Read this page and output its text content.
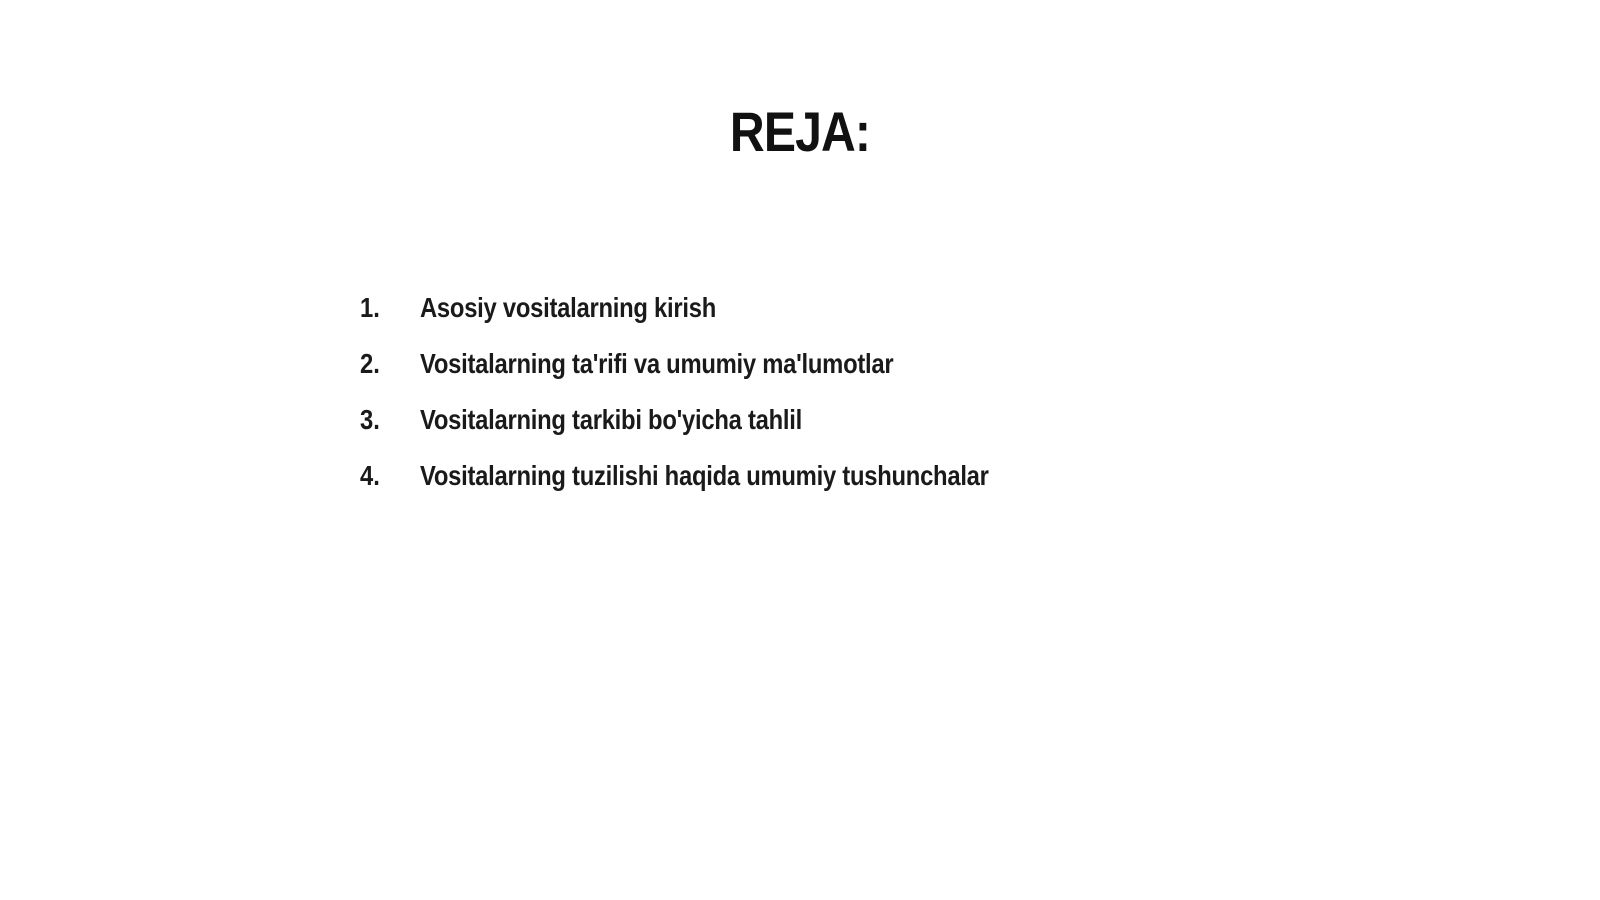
REJA:
1.	Asosiy vositalarning kirish
2.	Vositalarning ta'rifi va umumiy ma'lumotlar
3.	Vositalarning tarkibi bo'yicha tahlil
4.	Vositalarning tuzilishi haqida umumiy tushunchalar
